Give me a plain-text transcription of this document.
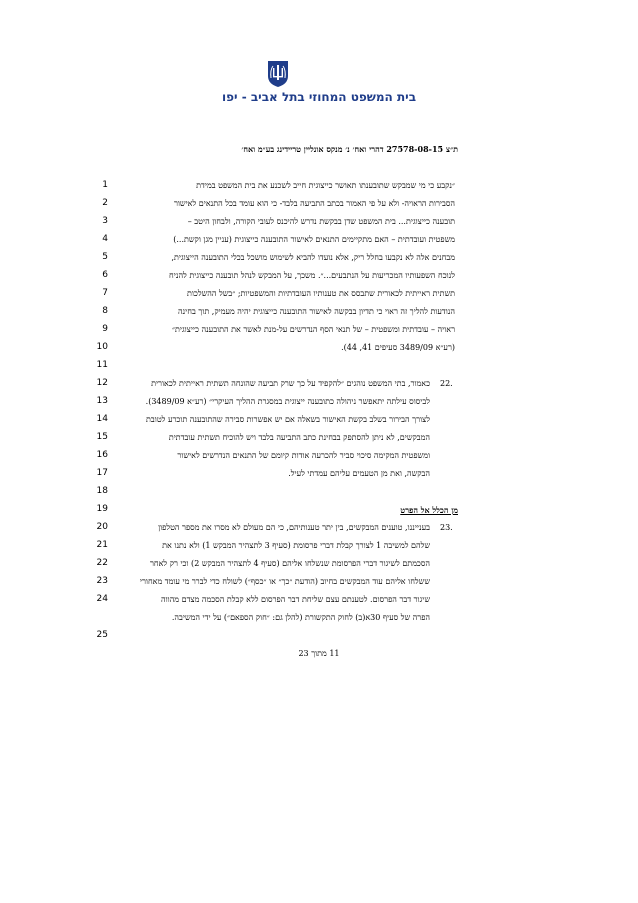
בית המשפט המחוזי בתל אביב - יפו
ת״צ 27578-08-15 דהרי ואח׳ נ׳ מנקס אונליין טריידינג בע״מ ואח׳
1
2
3
4
5
6
7
8
9
10
11
12
13
14
15
16
17
18
19
20
21
22
23
24
25
״נקבע כי מי שמבקש שתובענתו תאושר כייצוגית חייב לשכנע את בית המשפט במידת
הסבירות הראויה- ולא על פי האמור בכתב התביעה בלבד- כי הוא עומד בכל התנאים לאישור
תובענה כייצוגית... בית המשפט שדן בבקשת נדרש להיכנס לעובי הקורה, ולבחון היטב –
משפטית ועובדתית – האם מתקיימים התנאים לאישור התובענה כייצוגית (עניין מגן וקשת...)
מבחנים אלה לא נקבעו בחלל ריק, אלא נועדו להביא לשימוש מושכל בכלי התובענה הייצוגית,
לנוכח השפעותיו המכריעות על הנתבעים...״. משכך, על המבקש לנהל תובענה כייצוגית להניח
תשתית ראייתית לכאורית שתבסס את טענותיו העובדתיות והמשפטיות; ״בשל ההשלכות
הנודעות להליך זה ראוי כי תדיון בבקשה לאישור התובענה כייצוגית יהיה מעמיק, תוך בחינה
ראויה – עובדתית ומשפטית – של תנאי הסף הנדרשים על-מנת לאשר את התובענה כייצוגית״
(רע״א 3489/09 סעיפים 41, 44).
22.
כאמור, בתי המשפט נוהגים ״להקפיד על כך שרק תביעה שהונחה תשתית ראייתית לכאורית
לביסוס עילתה יתאפשר ניהולה כתובענה ייצוגית במסגרת ההליך העיקרי״ (רע״א 3489/09).
לצורך הבירור בשלב בקשת האישור בשאלה אם יש אפשרות סבירה שהתובענה תוכרע לטובת
המבקשים, לא ניתן להסתפק בבחינת כתב התביעה בלבד ויש להוכיח תשתית עובדתית
ומשפטית המקימה סיכוי סביר להכרעה אודות קיומם של התנאים הנדרשים לאישור
הבקשה, ואת מן הטעמים עליהם עמדתי לעיל.
מן הכלל אל הפרט
23.
בענייננו, טוענים המבקשים, בין יתר טענותיהם, כי הם מעולם לא מסרו את מספר הטלפון
שלהם למשיבה 1 לצורך קבלת דברי פרסומת (סעיף 3 לתצהיר המבקש 1) ולא נתנו את
הסכמתם לשיגור דברי הפרסומת שנשלחו אליהם (סעיף 4 לתצהיר המבקש 2) וכי רק לאחר
ששלחו אליהם עוד המבקשים בחיוב (הודעת ״כך״ או ״כסף״) לשולח כדי לברר מי עומד מאחורי
שיגור דבר הפרסום. לטענתם עצם שליחת דבר הפרסום ללא קבלת הסכמה מצדם מהווה
הפרה של סעיף 30א(ב) לחוק התקשורת (להלן גם: ״חוק הספאם״) על ידי המשיבה.
11 מתוך 23
